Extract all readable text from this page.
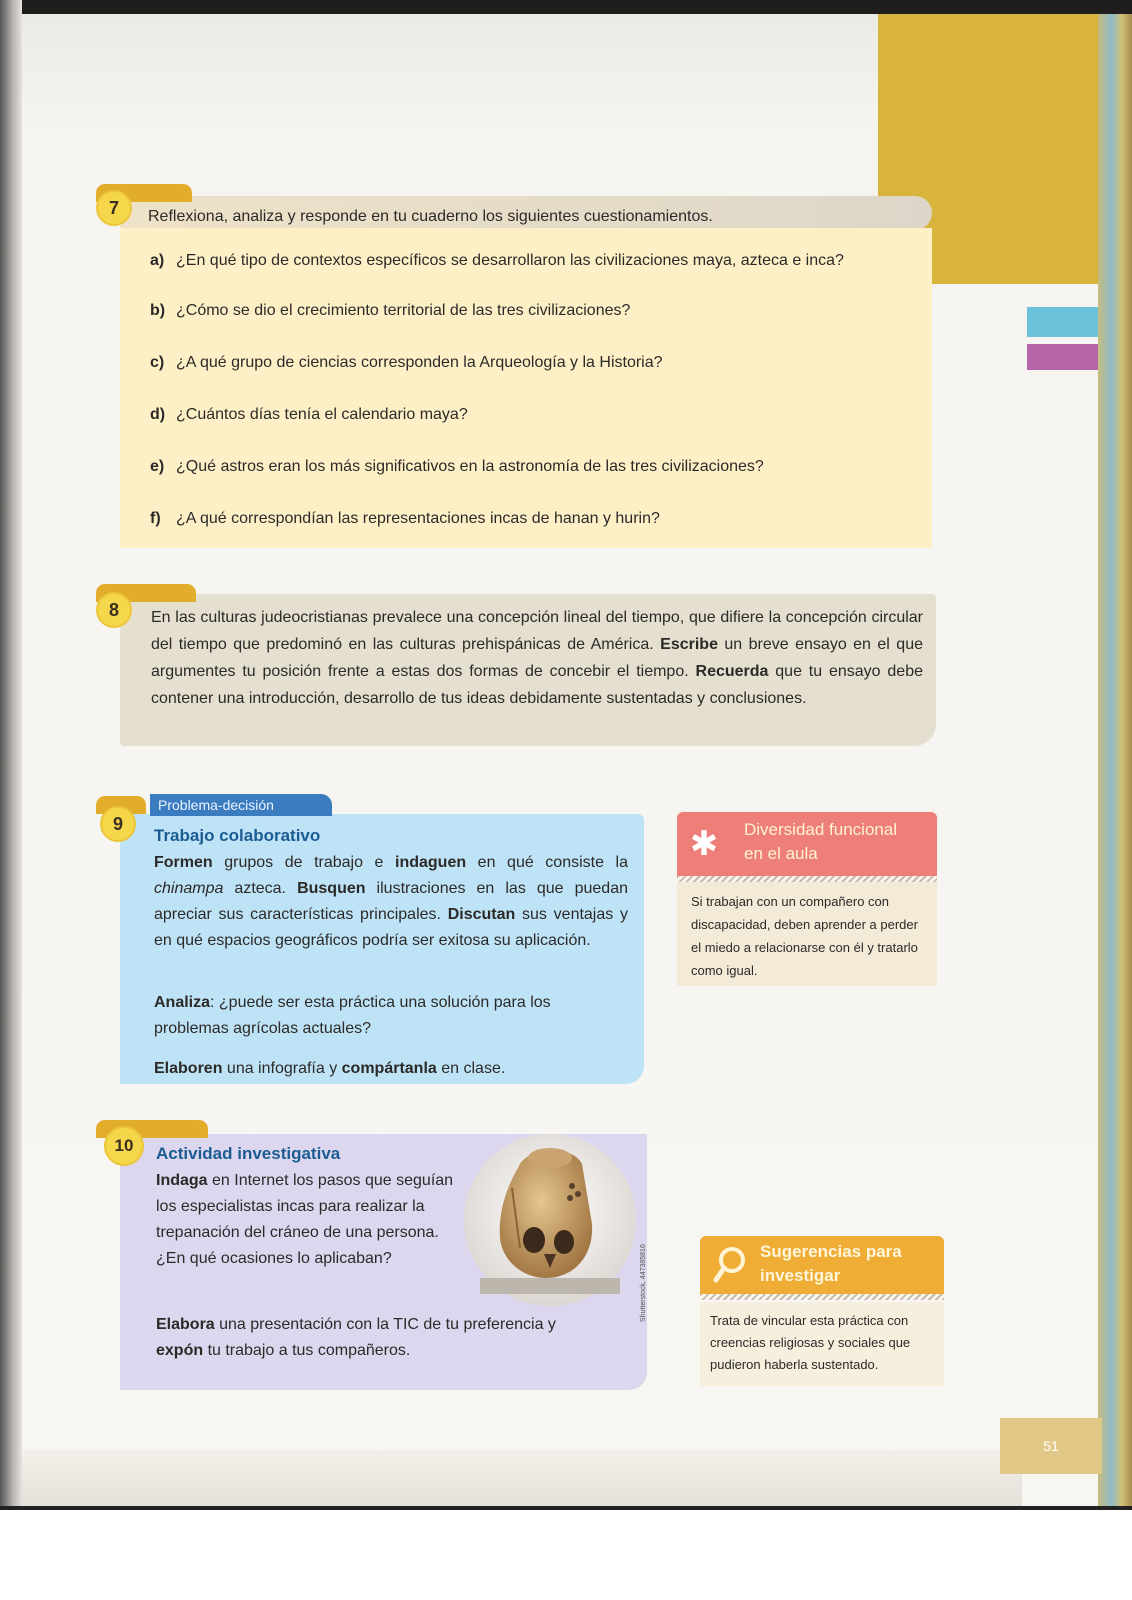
51
7	Reflexiona, analiza y responde en tu cuaderno los siguientes cuestionamientos.
a) ¿En qué tipo de contextos específicos se desarrollaron las civilizaciones maya, azteca e inca?
b) ¿Cómo se dio el crecimiento territorial de las tres civilizaciones?
c) ¿A qué grupo de ciencias corresponden la Arqueología y la Historia?
d) ¿Cuántos días tenía el calendario maya?
e) ¿Qué astros eran los más significativos en la astronomía de las tres civilizaciones?
f) ¿A qué correspondían las representaciones incas de hanan y hurin?
8	En las culturas judeocristianas prevalece una concepción lineal del tiempo, que difiere la concepción circular del tiempo que predominó en las culturas prehispánicas de América. Escribe un breve ensayo en el que argumentes tu posición frente a estas dos formas de concebir el tiempo. Recuerda que tu ensayo debe contener una introducción, desarrollo de tus ideas debidamente sustentadas y conclusiones.
Problema-decisión
9
Trabajo colaborativo
Formen grupos de trabajo e indaguen en qué consiste la chinampa azteca. Busquen ilustraciones en las que puedan apreciar sus características principales. Discutan sus ventajas y en qué espacios geográficos podría ser exitosa su aplicación.
Analiza: ¿puede ser esta práctica una solución para los problemas agrícolas actuales?
Elaboren una infografía y compártanla en clase.
✱	Diversidad funcional
en el aula
Si trabajan con un compañero con discapacidad, deben aprender a perder el miedo a relacionarse con él y tratarlo como igual.
10	Actividad investigativa
Indaga en Internet los pasos que seguían los especialistas incas para realizar la trepanación del cráneo de una persona. ¿En qué ocasiones lo aplicaban?
Elabora una presentación con la TIC de tu preferencia y expón tu trabajo a tus compañeros.
Shutterstock, 447385816	Sugerencias para
investigar
Trata de vincular esta práctica con creencias religiosas y sociales que pudieron haberla sustentado.
